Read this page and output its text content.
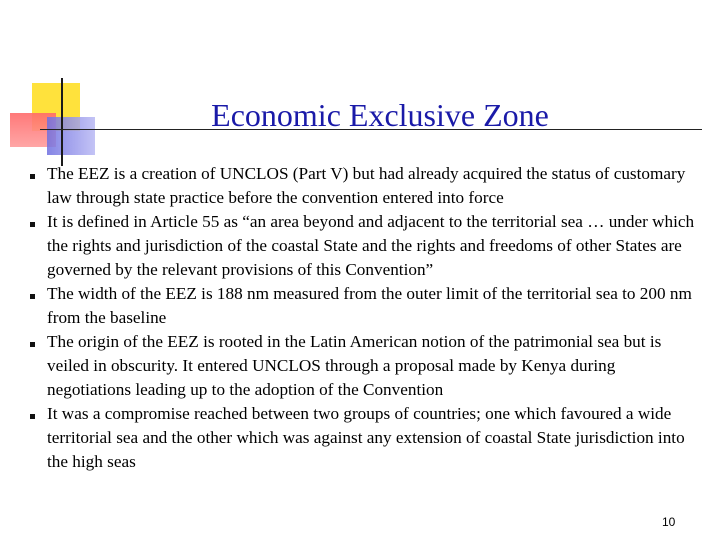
Economic Exclusive Zone
The EEZ is a creation of UNCLOS (Part V) but had already acquired the status of customary law through state practice before the convention entered into force
It is defined in Article 55 as “an area beyond and adjacent to the territorial sea … under which the rights and jurisdiction of the coastal State and the rights and freedoms of other States are governed by the relevant provisions of this Convention”
The width of the EEZ is 188 nm measured from the outer limit of the territorial sea to 200 nm from the baseline
The origin of the EEZ is rooted in the Latin American notion of the patrimonial sea but is veiled in obscurity. It entered UNCLOS through a proposal made by Kenya during negotiations leading up to the adoption of the Convention
It was a compromise reached between two groups of countries; one which favoured a wide territorial sea and the other which was against any extension of coastal State jurisdiction into the high seas
10
